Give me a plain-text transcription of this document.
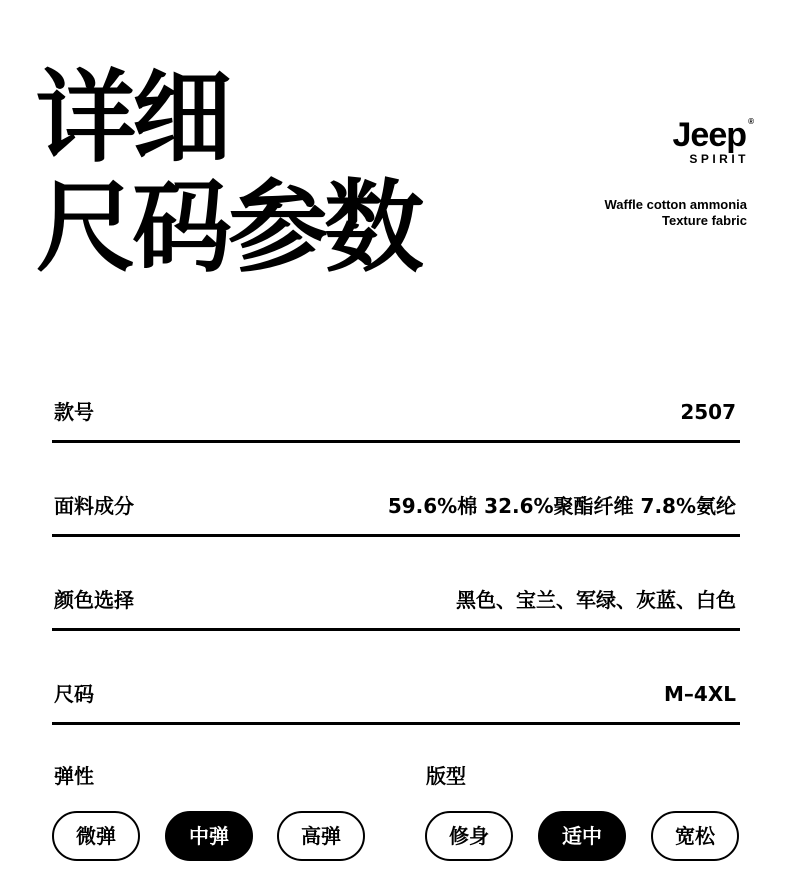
详细
尺码参数
Jeep ®
SPIRIT
Waffle cotton ammonia
Texture fabric
款号	2507
面料成分	59.6%棉 32.6%聚酯纤维 7.8%氨纶
颜色选择	黑色、宝兰、军绿、灰蓝、白色
尺码	M–4XL
弹性	版型
微弹	中弹	高弹	修身	适中	宽松
